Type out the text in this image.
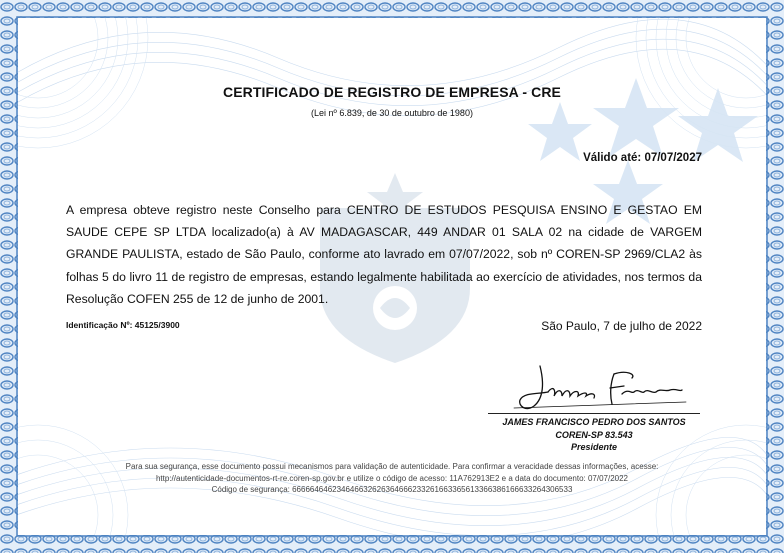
CERTIFICADO DE REGISTRO DE EMPRESA - CRE
(Lei nº 6.839, de 30 de outubro de 1980)
Válido até: 07/07/2027
A empresa obteve registro neste Conselho para CENTRO DE ESTUDOS PESQUISA ENSINO E GESTAO EM SAUDE CEPE SP LTDA localizado(a) à AV MADAGASCAR, 449 ANDAR 01 SALA 02 na cidade de VARGEM GRANDE PAULISTA, estado de São Paulo, conforme ato lavrado em 07/07/2022, sob nº COREN-SP 2969/CLA2 às folhas 5 do livro 11 de registro de empresas, estando legalmente habilitada ao exercício de atividades, nos termos da Resolução COFEN 255 de 12 de junho de 2001.
Identificação Nº: 45125/3900	São Paulo, 7 de julho de 2022
JAMES FRANCISCO PEDRO DOS SANTOS
COREN-SP 83.543
Presidente
Para sua segurança, esse documento possui mecanismos para validação de autenticidade. Para confirmar a veracidade dessas informações, acesse:
http://autenticidade-documentos-rt-re.coren-sp.gov.br e utilize o código de acesso: 11A762913E2 e a data do documento: 07/07/2022
Código de segurança: 666664646234646632626364666233261663365613366386166633264306533
